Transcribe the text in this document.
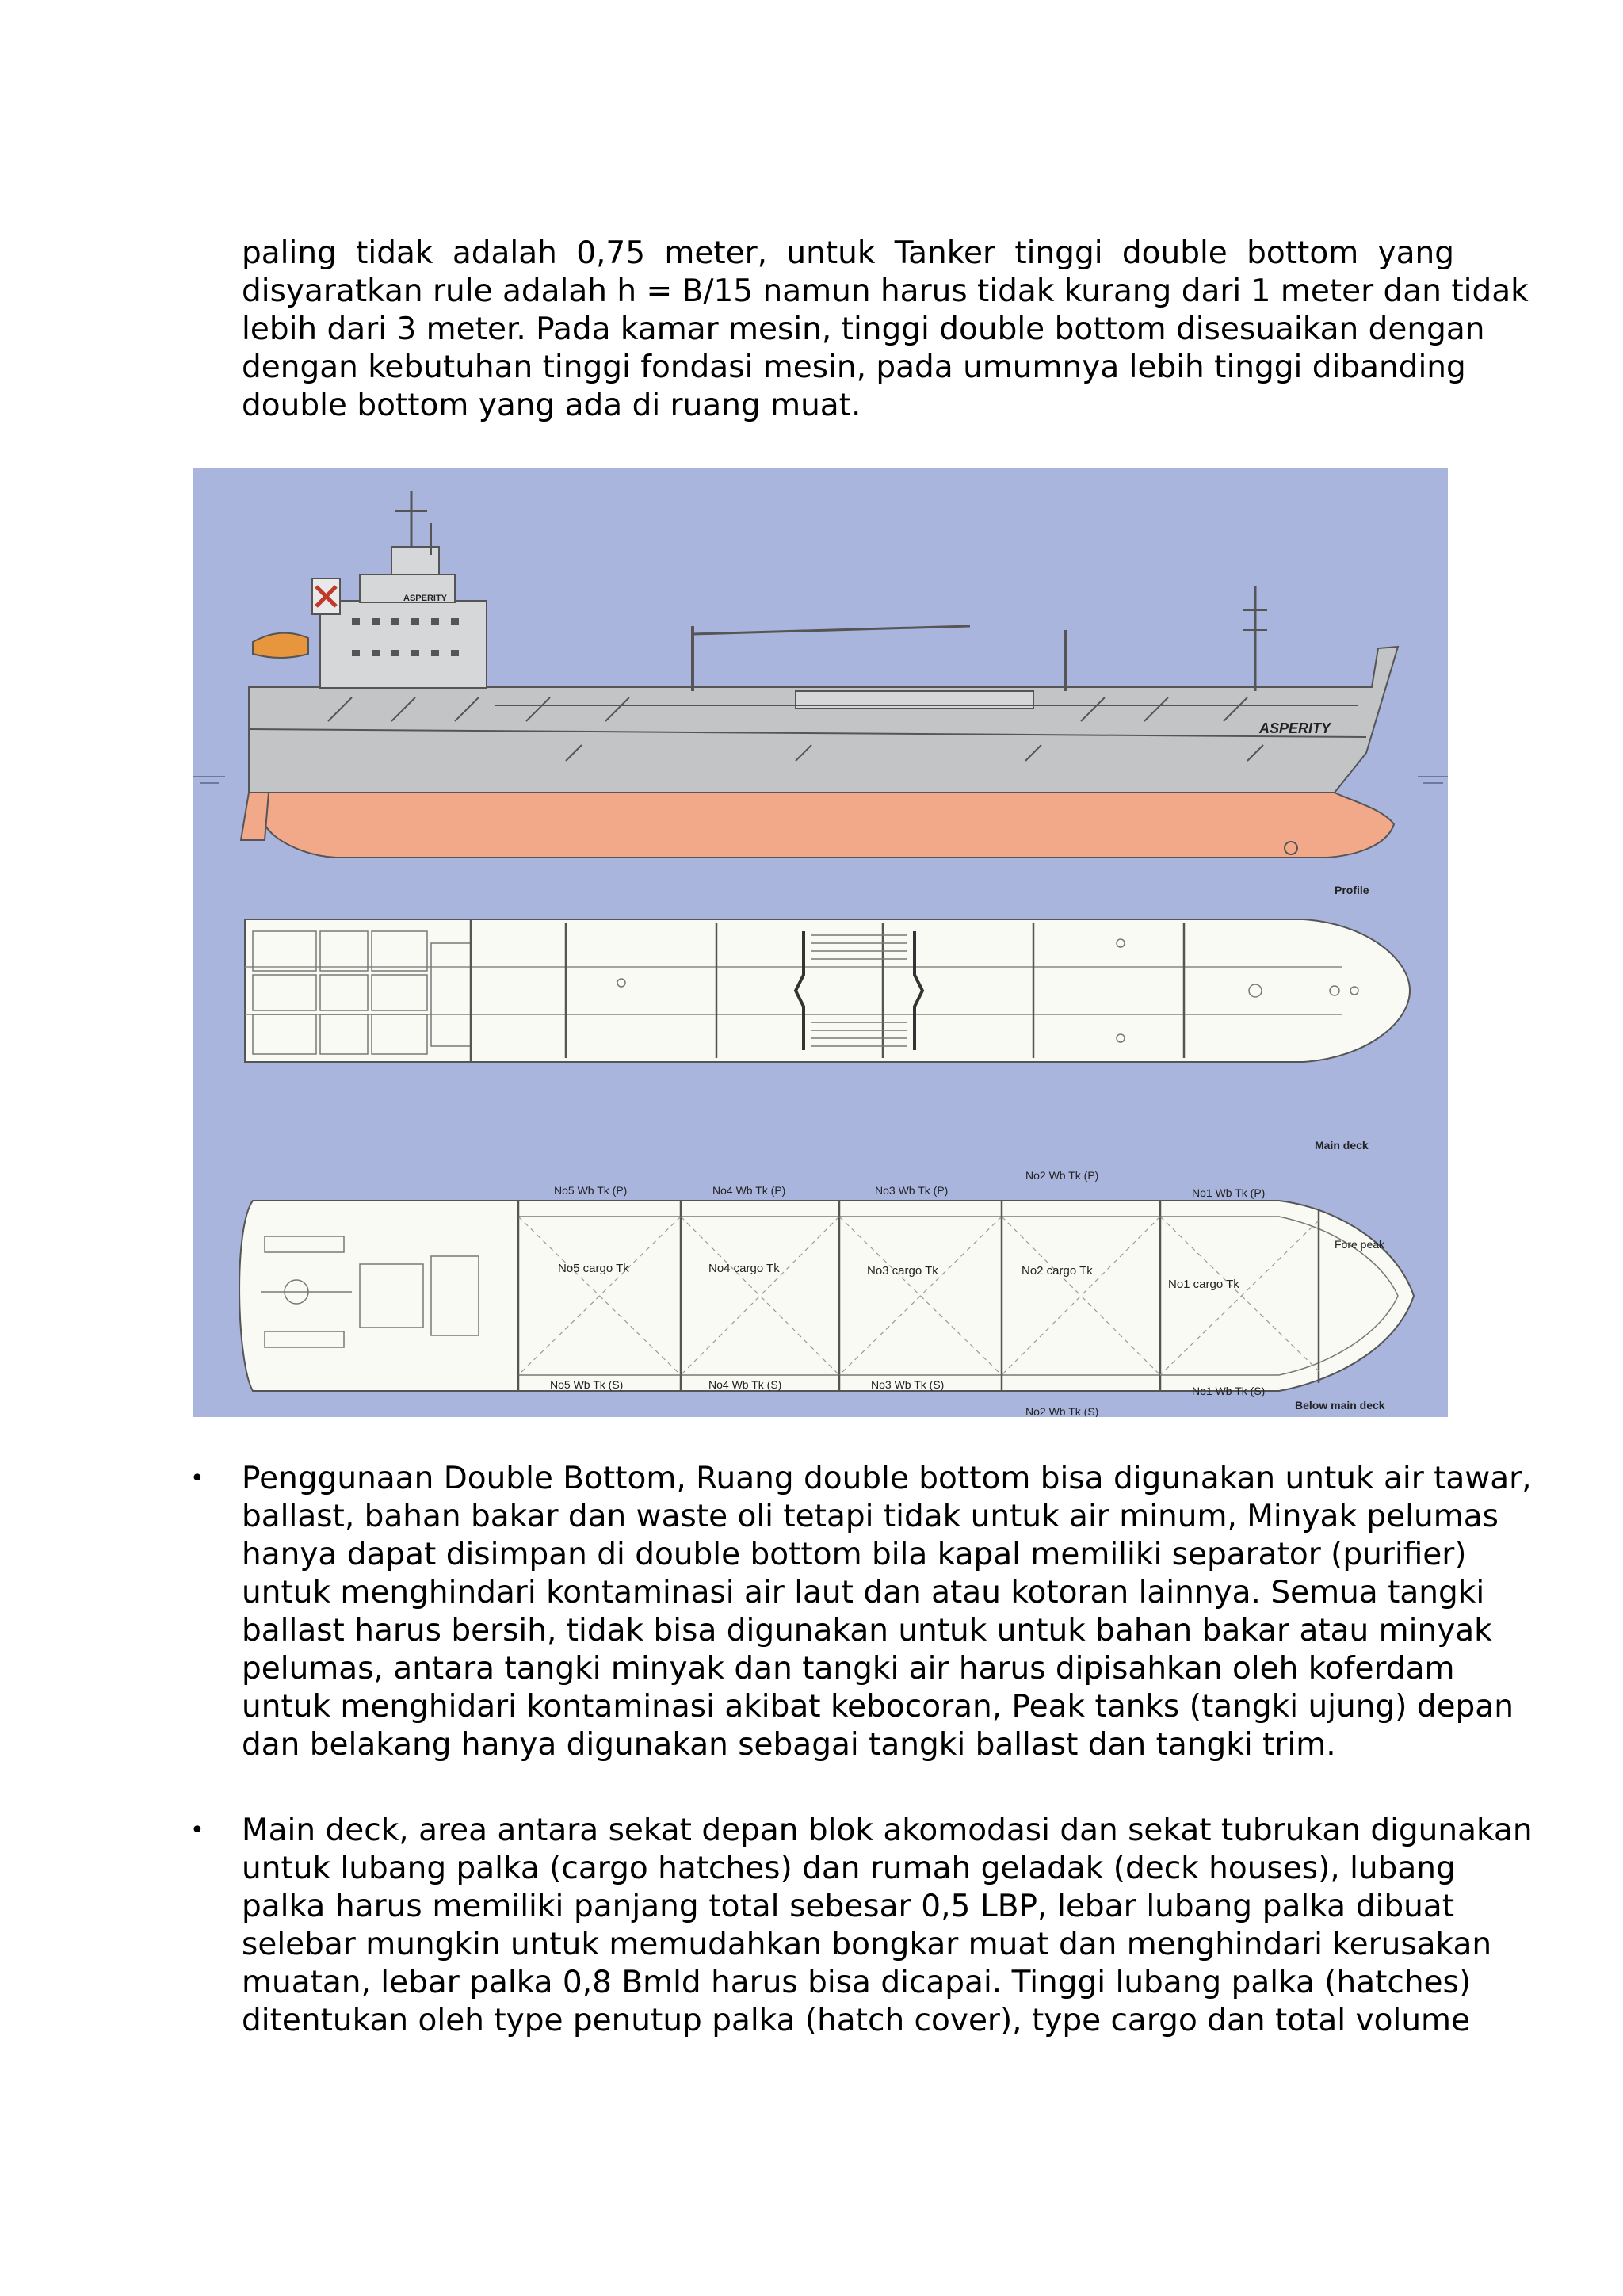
paling tidak adalah 0,75 meter, untuk Tanker tinggi double bottom yang
disyaratkan rule adalah h = B/15 namun harus tidak kurang dari 1 meter dan tidak
lebih dari 3 meter. Pada kamar mesin, tinggi double bottom disesuaikan dengan
dengan kebutuhan tinggi fondasi mesin, pada umumnya lebih tinggi dibanding
double bottom yang ada di ruang muat.
ASPERITY
ASPERITY
Profile
Main deck
No5 Wb Tk (P)	No4 Wb Tk (P)	No3 Wb Tk (P)
No2 Wb Tk (P)
No1 Wb Tk (P)
Fore peak
No5 cargo Tk	No4 cargo Tk	No3 cargo Tk	No2 cargo Tk
No1 cargo Tk
No5 Wb Tk (S)	No4 Wb Tk (S)	No3 Wb Tk (S)
No2 Wb Tk (S)
No1 Wb Tk (S)
Below main deck
• Penggunaan Double Bottom, Ruang double bottom bisa digunakan untuk air tawar,
ballast, bahan bakar dan waste oli tetapi tidak untuk air minum, Minyak pelumas
hanya dapat disimpan di double bottom bila kapal memiliki separator (purifier)
untuk menghindari kontaminasi air laut dan atau kotoran lainnya. Semua tangki
ballast harus bersih, tidak bisa digunakan untuk untuk bahan bakar atau minyak
pelumas, antara tangki minyak dan tangki air harus dipisahkan oleh koferdam
untuk menghidari kontaminasi akibat kebocoran, Peak tanks (tangki ujung) depan
dan belakang hanya digunakan sebagai tangki ballast dan tangki trim.
• Main deck, area antara sekat depan blok akomodasi dan sekat tubrukan digunakan
untuk lubang palka (cargo hatches) dan rumah geladak (deck houses), lubang
palka harus memiliki panjang total sebesar 0,5 LBP, lebar lubang palka dibuat
selebar mungkin untuk memudahkan bongkar muat dan menghindari kerusakan
muatan, lebar palka 0,8 Bmld harus bisa dicapai. Tinggi lubang palka (hatches)
ditentukan oleh type penutup palka (hatch cover), type cargo dan total volume
